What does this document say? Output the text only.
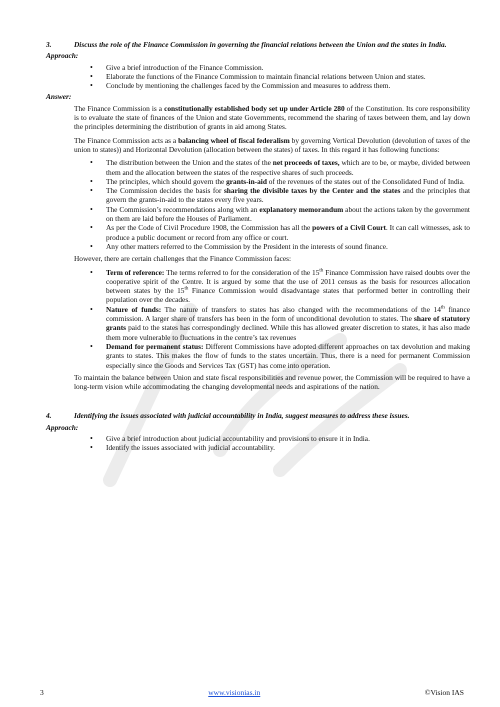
3.	Discuss the role of the Finance Commission in governing the financial relations between the Union and the states in India.
Approach:
• Give a brief introduction of the Finance Commission.
• Elaborate the functions of the Finance Commission to maintain financial relations between Union and states.
• Conclude by mentioning the challenges faced by the Commission and measures to address them.
Answer:
The Finance Commission is a constitutionally established body set up under Article 280 of the Constitution. Its core responsibility is to evaluate the state of finances of the Union and state Governments, recommend the sharing of taxes between them, and lay down the principles determining the distribution of grants in aid among States.
The Finance Commission acts as a balancing wheel of fiscal federalism by governing Vertical Devolution (devolution of taxes of the union to states)) and Horizontal Devolution (allocation between the states) of taxes. In this regard it has following functions:
• The distribution between the Union and the states of the net proceeds of taxes, which are to be, or maybe, divided between them and the allocation between the states of the respective shares of such proceeds.
• The principles, which should govern the grants-in-aid of the revenues of the states out of the Consolidated Fund of India.
• The Commission decides the basis for sharing the divisible taxes by the Center and the states and the principles that govern the grants-in-aid to the states every five years.
• The Commission’s recommendations along with an explanatory memorandum about the actions taken by the government on them are laid before the Houses of Parliament.
• As per the Code of Civil Procedure 1908, the Commission has all the powers of a Civil Court. It can call witnesses, ask to produce a public document or record from any office or court.
• Any other matters referred to the Commission by the President in the interests of sound finance.
However, there are certain challenges that the Finance Commission faces:
• Term of reference: The terms referred to for the consideration of the 15th Finance Commission have raised doubts over the cooperative spirit of the Centre. It is argued by some that the use of 2011 census as the basis for resources allocation between states by the 15th Finance Commission would disadvantage states that performed better in controlling their population over the decades.
• Nature of funds: The nature of transfers to states has also changed with the recommendations of the 14th finance commission. A larger share of transfers has been in the form of unconditional devolution to states. The share of statutory grants paid to the states has correspondingly declined. While this has allowed greater discretion to states, it has also made them more vulnerable to fluctuations in the centre’s tax revenues
• Demand for permanent status: Different Commissions have adopted different approaches on tax devolution and making grants to states. This makes the flow of funds to the states uncertain. Thus, there is a need for permanent Commission especially since the Goods and Services Tax (GST) has come into operation.
To maintain the balance between Union and state fiscal responsibilities and revenue power, the Commission will be required to have a long-term vision while accommodating the changing developmental needs and aspirations of the nation.
4.	Identifying the issues associated with judicial accountability in India, suggest measures to address these issues.
Approach:
• Give a brief introduction about judicial accountability and provisions to ensure it in India.
• Identify the issues associated with judicial accountability.
3	www.visionias.in	©Vision IAS
